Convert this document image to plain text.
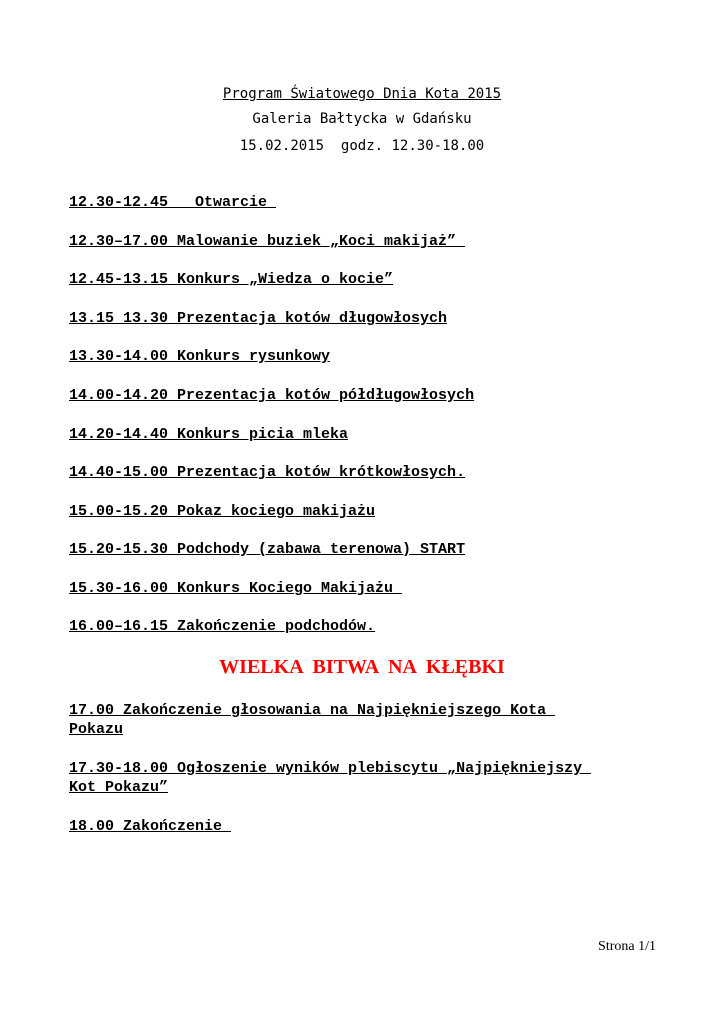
Program Światowego Dnia Kota 2015
Galeria Bałtycka w Gdańsku
15.02.2015  godz. 12.30-18.00
12.30-12.45   Otwarcie
12.30–17.00 Malowanie buziek „Koci makijaż”
12.45-13.15 Konkurs „Wiedza o kocie”
13.15 13.30 Prezentacja kotów długowłosych
13.30-14.00 Konkurs rysunkowy
14.00-14.20 Prezentacja kotów półdługowłosych
14.20-14.40 Konkurs picia mleka
14.40-15.00 Prezentacja kotów krótkowłosych.
15.00-15.20 Pokaz kociego makijażu
15.20-15.30 Podchody (zabawa terenowa) START
15.30-16.00 Konkurs Kociego Makijażu
16.00–16.15 Zakończenie podchodów.
WIELKA  BITWA  NA  KŁĘBKI
17.00 Zakończenie głosowania na Najpiękniejszego Kota
Pokazu
17.30-18.00 Ogłoszenie wyników plebiscytu „Najpiękniejszy
Kot Pokazu”
18.00 Zakończenie
Strona 1/1
